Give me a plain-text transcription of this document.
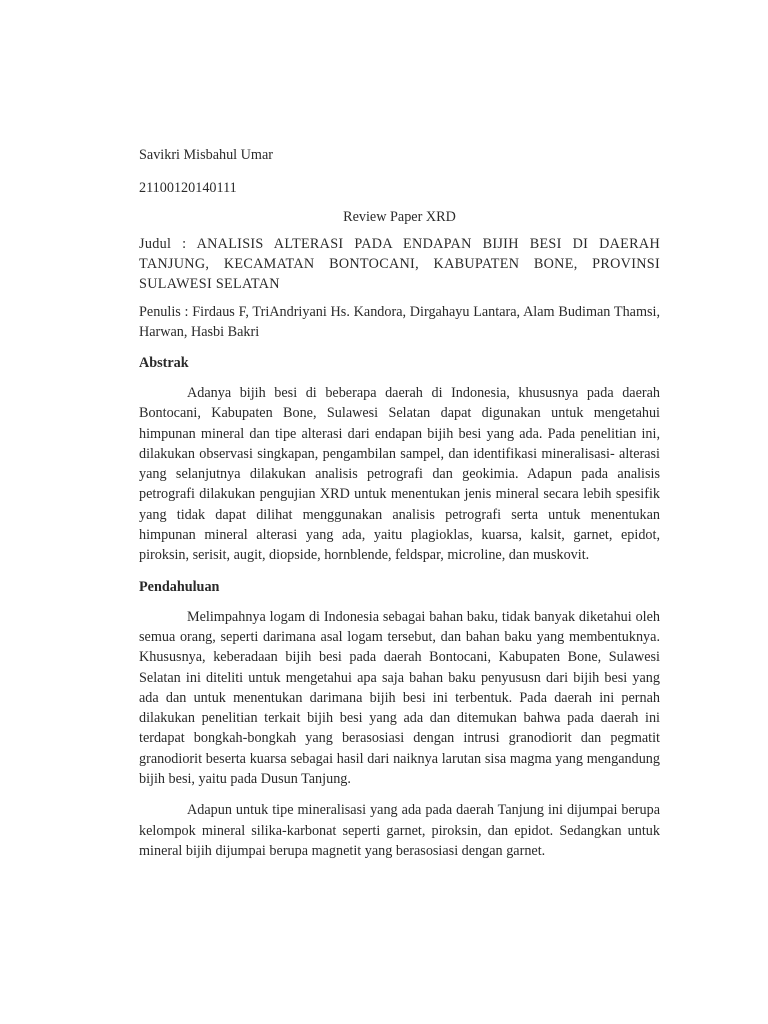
Savikri Misbahul Umar

21100120140111

Review Paper XRD

Judul : ANALISIS ALTERASI PADA ENDAPAN BIJIH BESI DI DAERAH TANJUNG, KECAMATAN BONTOCANI, KABUPATEN BONE, PROVINSI SULAWESI SELATAN

Penulis : Firdaus F, TriAndriyani Hs. Kandora, Dirgahayu Lantara, Alam Budiman Thamsi, Harwan, Hasbi Bakri

Abstrak

Adanya bijih besi di beberapa daerah di Indonesia, khususnya pada daerah Bontocani, Kabupaten Bone, Sulawesi Selatan dapat digunakan untuk mengetahui himpunan mineral dan tipe alterasi dari endapan bijih besi yang ada. Pada penelitian ini, dilakukan observasi singkapan, pengambilan sampel, dan identifikasi mineralisasi- alterasi yang selanjutnya dilakukan analisis petrografi dan geokimia. Adapun pada analisis petrografi dilakukan pengujian XRD untuk menentukan jenis mineral secara lebih spesifik yang tidak dapat dilihat menggunakan analisis petrografi serta untuk menentukan himpunan mineral alterasi yang ada, yaitu plagioklas, kuarsa, kalsit, garnet, epidot, piroksin, serisit, augit, diopside, hornblende, feldspar, microline, dan muskovit.

Pendahuluan

Melimpahnya logam di Indonesia sebagai bahan baku, tidak banyak diketahui oleh semua orang, seperti darimana asal logam tersebut, dan bahan baku yang membentuknya. Khususnya, keberadaan bijih besi pada daerah Bontocani, Kabupaten Bone, Sulawesi Selatan ini diteliti untuk mengetahui apa saja bahan baku penyususn dari bijih besi yang ada dan untuk menentukan darimana bijih besi ini terbentuk. Pada daerah ini pernah dilakukan penelitian terkait bijih besi yang ada dan ditemukan bahwa pada daerah ini terdapat bongkah-bongkah yang berasosiasi dengan intrusi granodiorit dan pegmatit granodiorit beserta kuarsa sebagai hasil dari naiknya larutan sisa magma yang mengandung bijih besi, yaitu pada Dusun Tanjung.

Adapun untuk tipe mineralisasi yang ada pada daerah Tanjung ini dijumpai berupa kelompok mineral silika-karbonat seperti garnet, piroksin, dan epidot. Sedangkan untuk mineral bijih dijumpai berupa magnetit yang berasosiasi dengan garnet.
